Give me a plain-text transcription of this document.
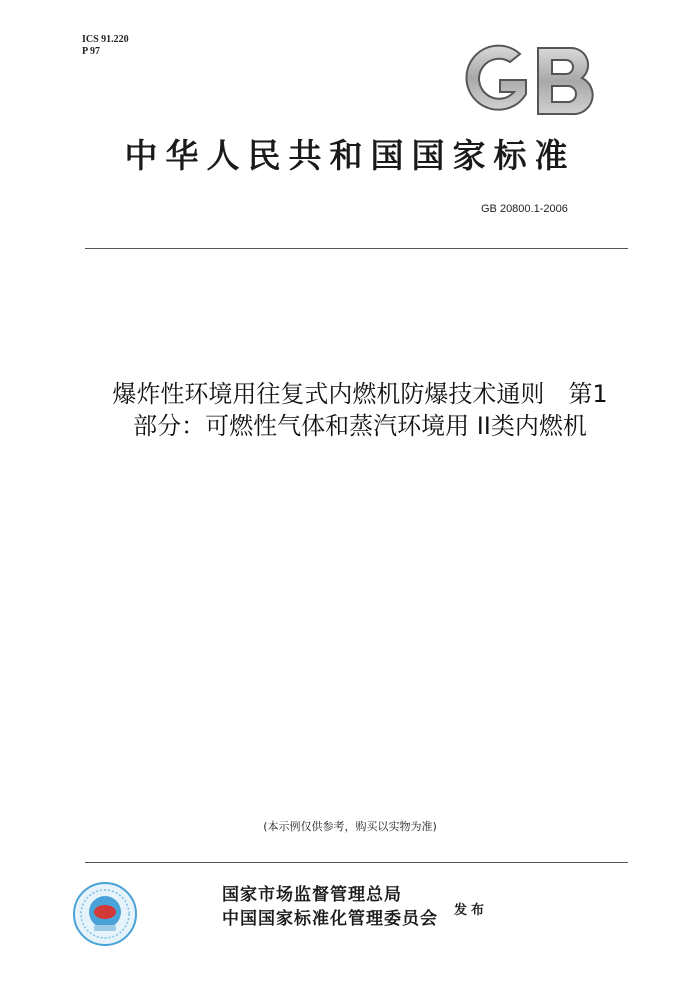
ICS 91.220
P 97
中华人民共和国国家标准
GB 20800.1-2006
爆炸性环境用往复式内燃机防爆技术通则　第1
部分：可燃性气体和蒸汽环境用 II类内燃机
(本示例仅供参考，购买以实物为准)
国家市场监督管理总局
中国国家标准化管理委员会 发布
